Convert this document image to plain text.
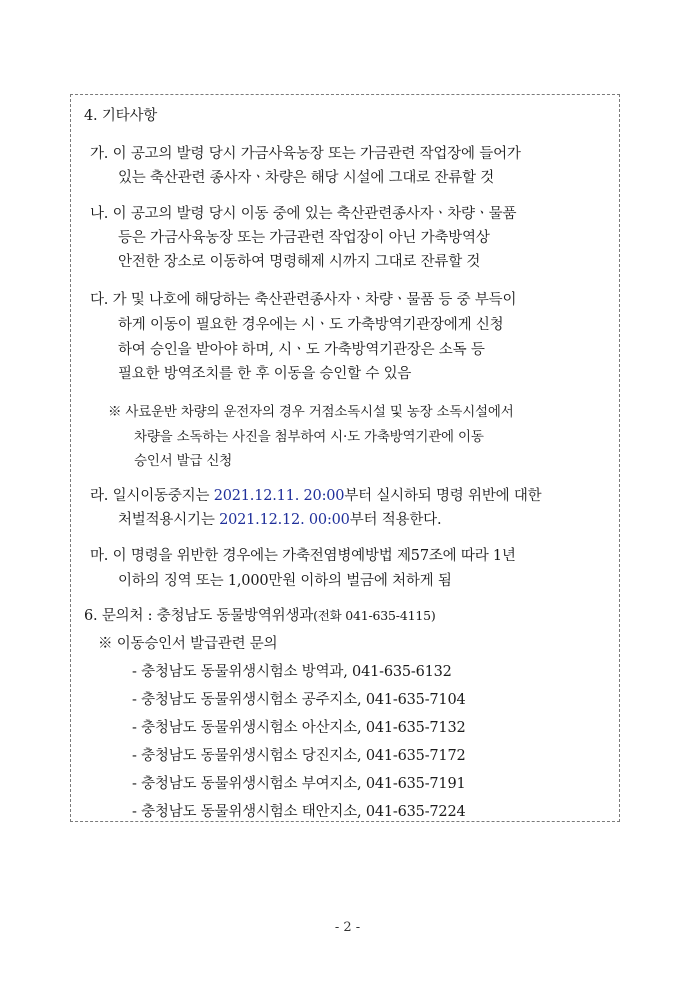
4. 기타사항
가. 이 공고의 발령 당시 가금사육농장 또는 가금관련 작업장에 들어가
있는 축산관련 종사자ㆍ차량은 해당 시설에 그대로 잔류할 것
나. 이 공고의 발령 당시 이동 중에 있는 축산관련종사자ㆍ차량ㆍ물품
등은 가금사육농장 또는 가금관련 작업장이 아닌 가축방역상
안전한 장소로 이동하여 명령해제 시까지 그대로 잔류할 것
다. 가 및 나호에 해당하는 축산관련종사자ㆍ차량ㆍ물품 등 중 부득이
하게 이동이 필요한 경우에는 시ㆍ도 가축방역기관장에게 신청
하여 승인을 받아야 하며, 시ㆍ도 가축방역기관장은 소독 등
필요한 방역조치를 한 후 이동을 승인할 수 있음
※ 사료운반 차량의 운전자의 경우 거점소독시설 및 농장 소독시설에서
차량을 소독하는 사진을 첨부하여 시·도 가축방역기관에 이동
승인서 발급 신청
라. 일시이동중지는 2021.12.11. 20:00부터 실시하되 명령 위반에 대한
처벌적용시기는 2021.12.12. 00:00부터 적용한다.
마. 이 명령을 위반한 경우에는 가축전염병예방법 제57조에 따라 1년
이하의 징역 또는 1,000만원 이하의 벌금에 처하게 됨
6. 문의처 : 충청남도 동물방역위생과(전화 041-635-4115)
※ 이동승인서 발급관련 문의
- 충청남도 동물위생시험소 방역과, 041-635-6132
- 충청남도 동물위생시험소 공주지소, 041-635-7104
- 충청남도 동물위생시험소 아산지소, 041-635-7132
- 충청남도 동물위생시험소 당진지소, 041-635-7172
- 충청남도 동물위생시험소 부여지소, 041-635-7191
- 충청남도 동물위생시험소 태안지소, 041-635-7224
- 2 -
